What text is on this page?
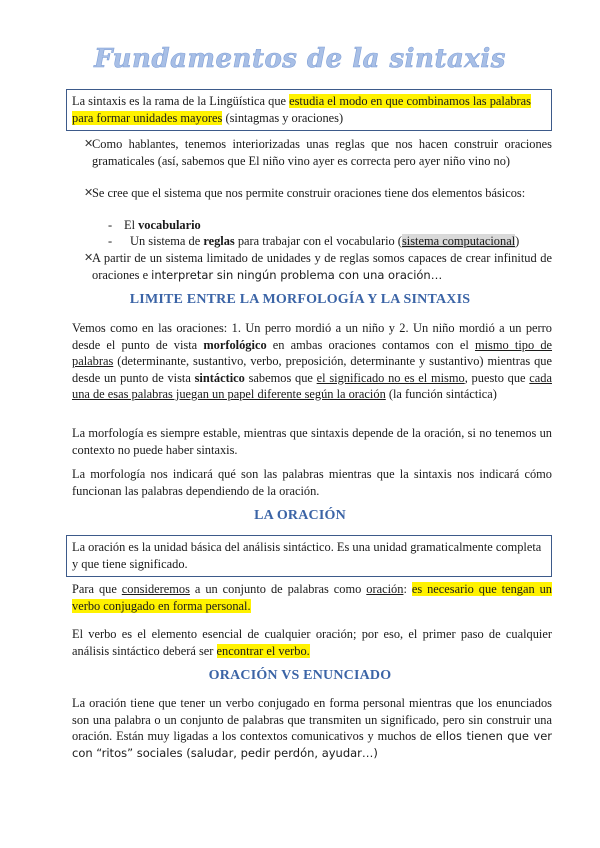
Fundamentos de la sintaxis
La sintaxis es la rama de la Lingüística que estudia el modo en que combinamos las palabras para formar unidades mayores (sintagmas y oraciones)
✕
Como hablantes, tenemos interiorizadas unas reglas que nos hacen construir oraciones gramaticales (así, sabemos que El niño vino ayer es correcta pero ayer niño vino no)
✕
Se cree que el sistema que nos permite construir oraciones tiene dos elementos básicos:
- El vocabulario
- Un sistema de reglas para trabajar con el vocabulario (sistema computacional)
✕
A partir de un sistema limitado de unidades y de reglas somos capaces de crear infinitud de oraciones e interpretar sin ningún problema con una oración…
LIMITE ENTRE LA MORFOLOGÍA Y LA SINTAXIS
Vemos como en las oraciones: 1. Un perro mordió a un niño y 2. Un niño mordió a un perro desde el punto de vista morfológico en ambas oraciones contamos con el mismo tipo de palabras (determinante, sustantivo, verbo, preposición, determinante y sustantivo) mientras que desde un punto de vista sintáctico sabemos que el significado no es el mismo, puesto que cada una de esas palabras juegan un papel diferente según la oración (la función sintáctica)
La morfología es siempre estable, mientras que sintaxis depende de la oración, si no tenemos un contexto no puede haber sintaxis.
La morfología nos indicará qué son las palabras mientras que la sintaxis nos indicará cómo funcionan las palabras dependiendo de la oración.
LA ORACIÓN
La oración es la unidad básica del análisis sintáctico. Es una unidad gramaticalmente completa y que tiene significado.
Para que consideremos a un conjunto de palabras como oración: es necesario que tengan un verbo conjugado en forma personal.
El verbo es el elemento esencial de cualquier oración; por eso, el primer paso de cualquier análisis sintáctico deberá ser encontrar el verbo.
ORACIÓN VS ENUNCIADO
La oración tiene que tener un verbo conjugado en forma personal mientras que los enunciados son una palabra o un conjunto de palabras que transmiten un significado, pero sin construir una oración. Están muy ligadas a los contextos comunicativos y muchos de ellos tienen que ver con “ritos” sociales (saludar, pedir perdón, ayudar…)
